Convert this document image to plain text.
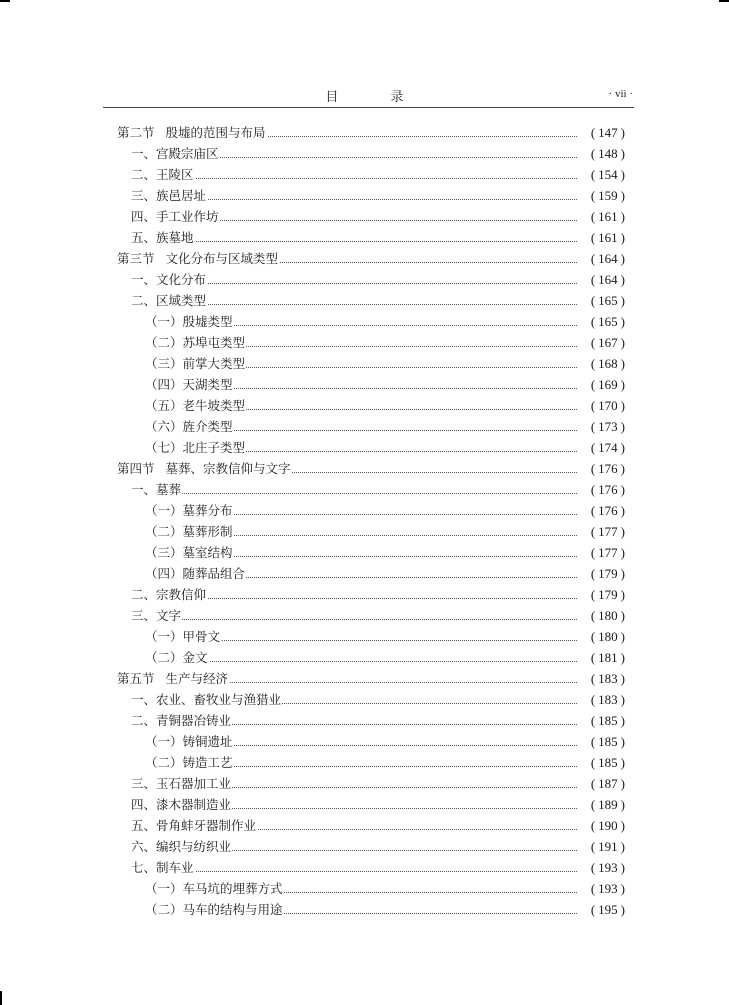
目 录	· vii ·
第二节 殷墟的范围与布局	( 147 )
一、宫殿宗庙区	( 148 )
二、王陵区	( 154 )
三、族邑居址	( 159 )
四、手工业作坊	( 161 )
五、族墓地	( 161 )
第三节 文化分布与区域类型	( 164 )
一、文化分布	( 164 )
二、区域类型	( 165 )
（一）殷墟类型	( 165 )
（二）苏埠屯类型	( 167 )
（三）前掌大类型	( 168 )
（四）天湖类型	( 169 )
（五）老牛坡类型	( 170 )
（六）旌介类型	( 173 )
（七）北庄子类型	( 174 )
第四节 墓葬、宗教信仰与文字	( 176 )
一、墓葬	( 176 )
（一）墓葬分布	( 176 )
（二）墓葬形制	( 177 )
（三）墓室结构	( 177 )
（四）随葬品组合	( 179 )
二、宗教信仰	( 179 )
三、文字	( 180 )
（一）甲骨文	( 180 )
（二）金文	( 181 )
第五节 生产与经济	( 183 )
一、农业、畜牧业与渔猎业	( 183 )
二、青铜器冶铸业	( 185 )
（一）铸铜遗址	( 185 )
（二）铸造工艺	( 185 )
三、玉石器加工业	( 187 )
四、漆木器制造业	( 189 )
五、骨角蚌牙器制作业	( 190 )
六、编织与纺织业	( 191 )
七、制车业	( 193 )
（一）车马坑的埋葬方式	( 193 )
（二）马车的结构与用途	( 195 )
